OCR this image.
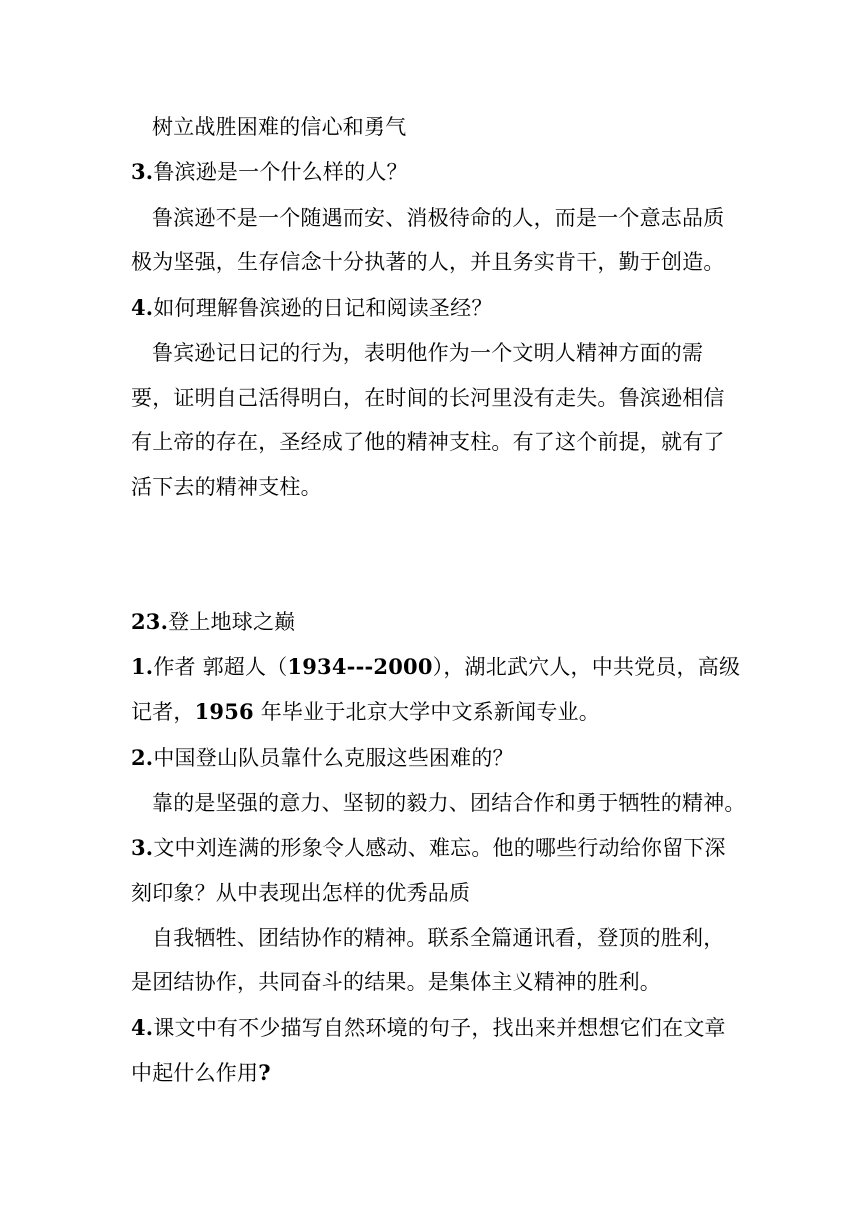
树立战胜困难的信心和勇气
3.鲁滨逊是一个什么样的人？
鲁滨逊不是一个随遇而安、消极待命的人，而是一个意志品质
极为坚强，生存信念十分执著的人，并且务实肯干，勤于创造。
4.如何理解鲁滨逊的日记和阅读圣经？
鲁宾逊记日记的行为，表明他作为一个文明人精神方面的需
要，证明自己活得明白，在时间的长河里没有走失。鲁滨逊相信
有上帝的存在，圣经成了他的精神支柱。有了这个前提，就有了
活下去的精神支柱。
23.登上地球之巅
1.作者 郭超人（1934---2000），湖北武穴人，中共党员，高级
记者，1956 年毕业于北京大学中文系新闻专业。
2.中国登山队员靠什么克服这些困难的？
靠的是坚强的意力、坚韧的毅力、团结合作和勇于牺牲的精神。
3.文中刘连满的形象令人感动、难忘。他的哪些行动给你留下深
刻印象？从中表现出怎样的优秀品质
自我牺牲、团结协作的精神。联系全篇通讯看，登顶的胜利，
是团结协作，共同奋斗的结果。是集体主义精神的胜利。
4.课文中有不少描写自然环境的句子，找出来并想想它们在文章
中起什么作用?
